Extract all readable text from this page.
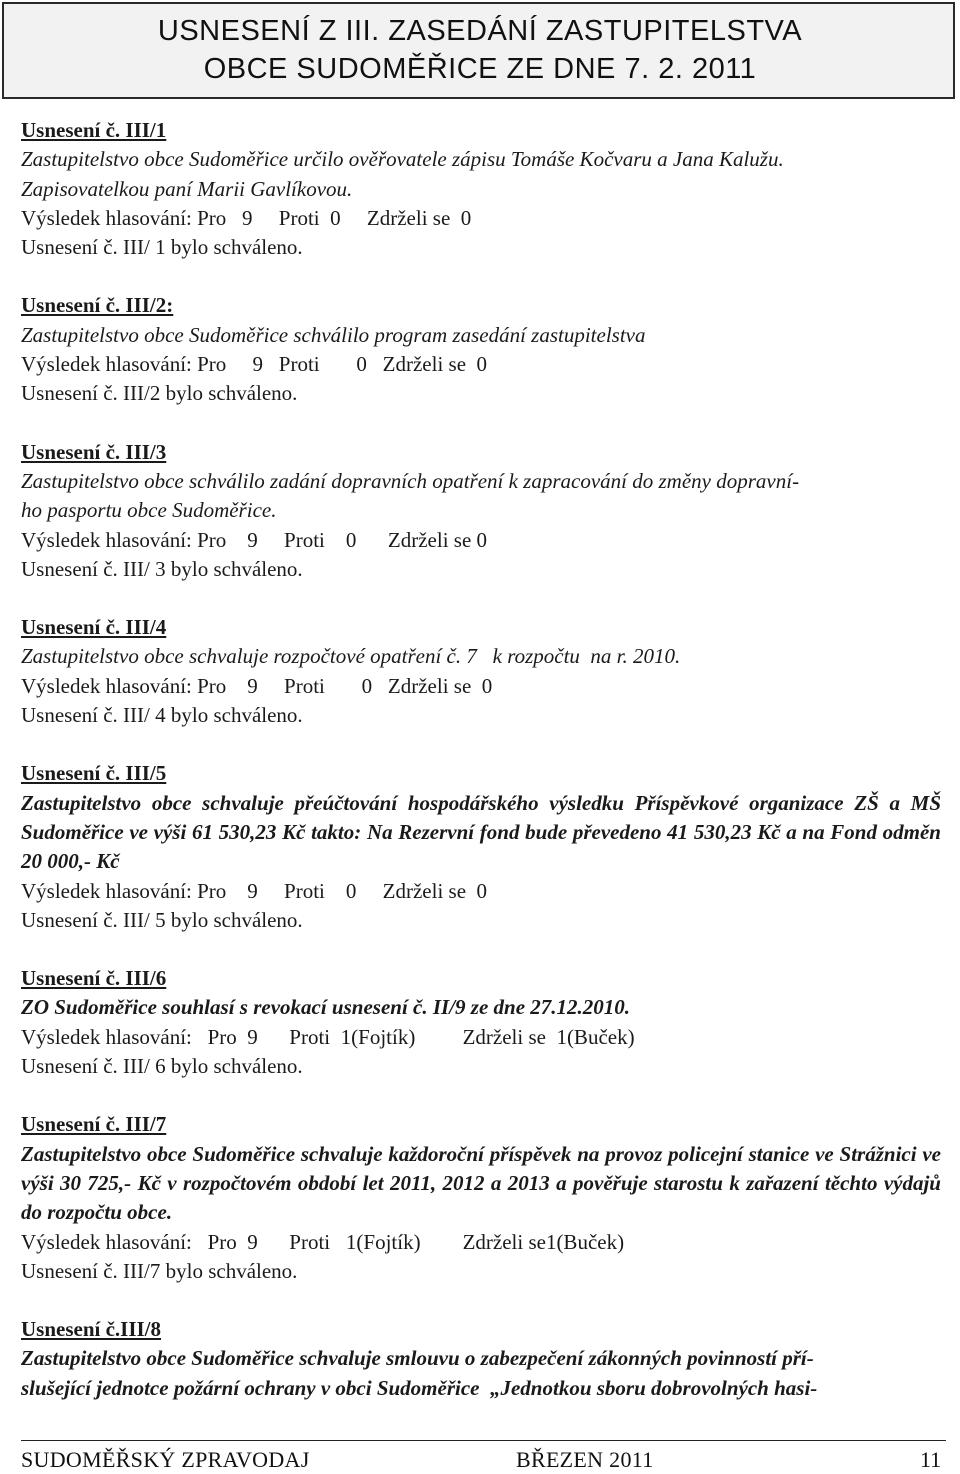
USNESENÍ Z III. ZASEDÁNÍ ZASTUPITELSTVA
OBCE SUDOMĚŘICE ZE DNE 7. 2. 2011
Usnesení č. III/1
Zastupitelstvo obce Sudoměřice určilo ověřovatele zápisu Tomáše Kočvaru a Jana Kalužu.
Zapisovatelkou paní Marii Gavlíkovou.
Výsledek hlasování: Pro   9     Proti  0     Zdrželi se  0
Usnesení č. III/ 1 bylo schváleno.
Usnesení č. III/2:
Zastupitelstvo obce Sudoměřice schválilo program zasedání zastupitelstva
Výsledek hlasování: Pro     9   Proti       0   Zdrželi se  0
Usnesení č. III/2 bylo schváleno.
Usnesení č. III/3
Zastupitelstvo obce schválilo zadání dopravních opatření k zapracování do změny dopravní-
ho pasportu obce Sudoměřice.
Výsledek hlasování: Pro    9     Proti    0      Zdrželi se 0
Usnesení č. III/ 3 bylo schváleno.
Usnesení č. III/4
Zastupitelstvo obce schvaluje rozpočtové opatření č. 7   k rozpočtu  na r. 2010.
Výsledek hlasování: Pro    9     Proti       0   Zdrželi se  0
Usnesení č. III/ 4 bylo schváleno.
Usnesení č. III/5
Zastupitelstvo obce schvaluje přeúčtování hospodářského výsledku Příspěvkové organizace ZŠ a MŠ Sudoměřice ve výši 61 530,23 Kč takto: Na Rezervní fond bude převedeno 41 530,23 Kč a na Fond odměn 20 000,- Kč
Výsledek hlasování: Pro    9     Proti    0     Zdrželi se  0
Usnesení č. III/ 5 bylo schváleno.
Usnesení č. III/6
ZO Sudoměřice souhlasí s revokací usnesení č. II/9 ze dne 27.12.2010.
Výsledek hlasování:   Pro  9      Proti  1(Fojtík)         Zdrželi se  1(Buček)
Usnesení č. III/ 6 bylo schváleno.
Usnesení č. III/7
Zastupitelstvo obce Sudoměřice schvaluje každoroční příspěvek na provoz policejní stanice ve Strážnici ve výši 30 725,- Kč v rozpočtovém období let 2011, 2012 a 2013 a pověřuje starostu k zařazení těchto výdajů do rozpočtu obce.
Výsledek hlasování:   Pro  9      Proti   1(Fojtík)        Zdrželi se1(Buček)
Usnesení č. III/7 bylo schváleno.
Usnesení č.III/8
Zastupitelstvo obce Sudoměřice schvaluje smlouvu o zabezpečení zákonných povinností pří-
slušející jednotce požární ochrany v obci Sudoměřice  „Jednotkou sboru dobrovolných hasi-
SUDOMĚŘSKÝ ZPRAVODAJ	BŘEZEN 2011	11
